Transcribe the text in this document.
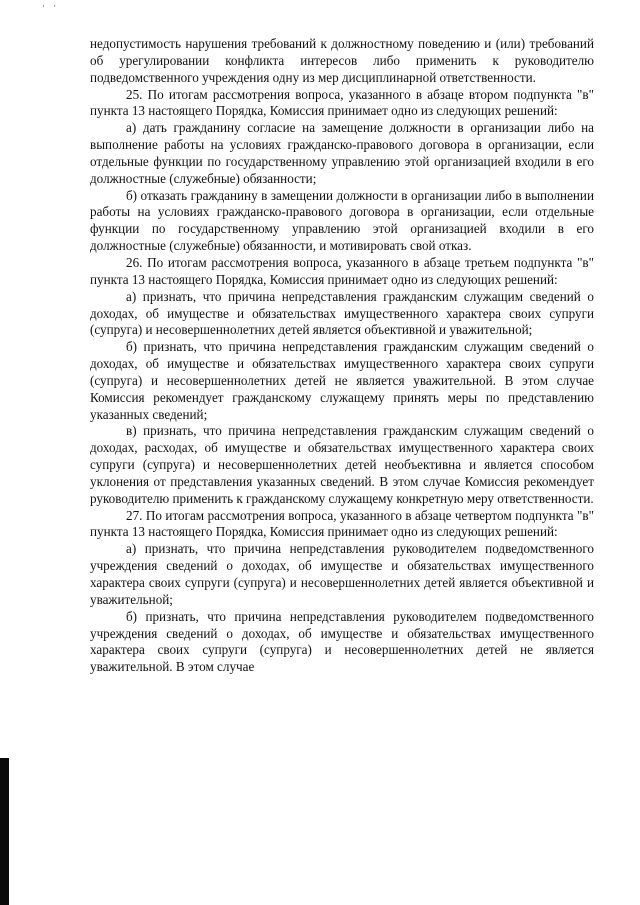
· ·

недопустимость нарушения требований к должностному поведению и (или) требований об урегулировании конфликта интересов либо применить к руководителю подведомственного учреждения одну из мер дисциплинарной ответственности.

25. По итогам рассмотрения вопроса, указанного в абзаце втором подпункта "в" пункта 13 настоящего Порядка, Комиссия принимает одно из следующих решений:

а) дать гражданину согласие на замещение должности в организации либо на выполнение работы на условиях гражданско-правового договора в организации, если отдельные функции по государственному управлению этой организацией входили в его должностные (служебные) обязанности;

б) отказать гражданину в замещении должности в организации либо в выполнении работы на условиях гражданско-правового договора в организации, если отдельные функции по государственному управлению этой организацией входили в его должностные (служебные) обязанности, и мотивировать свой отказ.

26. По итогам рассмотрения вопроса, указанного в абзаце третьем подпункта "в" пункта 13 настоящего Порядка, Комиссия принимает одно из следующих решений:

а) признать, что причина непредставления гражданским служащим сведений о доходах, об имуществе и обязательствах имущественного характера своих супруги (супруга) и несовершеннолетних детей является объективной и уважительной;

б) признать, что причина непредставления гражданским служащим сведений о доходах, об имуществе и обязательствах имущественного характера своих супруги (супруга) и несовершеннолетних детей не является уважительной. В этом случае Комиссия рекомендует гражданскому служащему принять меры по представлению указанных сведений;

в) признать, что причина непредставления гражданским служащим сведений о доходах, расходах, об имуществе и обязательствах имущественного характера своих супруги (супруга) и несовершеннолетних детей необъективна и является способом уклонения от представления указанных сведений. В этом случае Комиссия рекомендует руководителю применить к гражданскому служащему конкретную меру ответственности.

27. По итогам рассмотрения вопроса, указанного в абзаце четвертом подпункта "в" пункта 13 настоящего Порядка, Комиссия принимает одно из следующих решений:

а) признать, что причина непредставления руководителем подведомственного учреждения сведений о доходах, об имуществе и обязательствах имущественного характера своих супруги (супруга) и несовершеннолетних детей является объективной и уважительной;

б) признать, что причина непредставления руководителем подведомственного учреждения сведений о доходах, об имуществе и обязательствах имущественного характера своих супруги (супруга) и несовершеннолетних детей не является уважительной. В этом случае
